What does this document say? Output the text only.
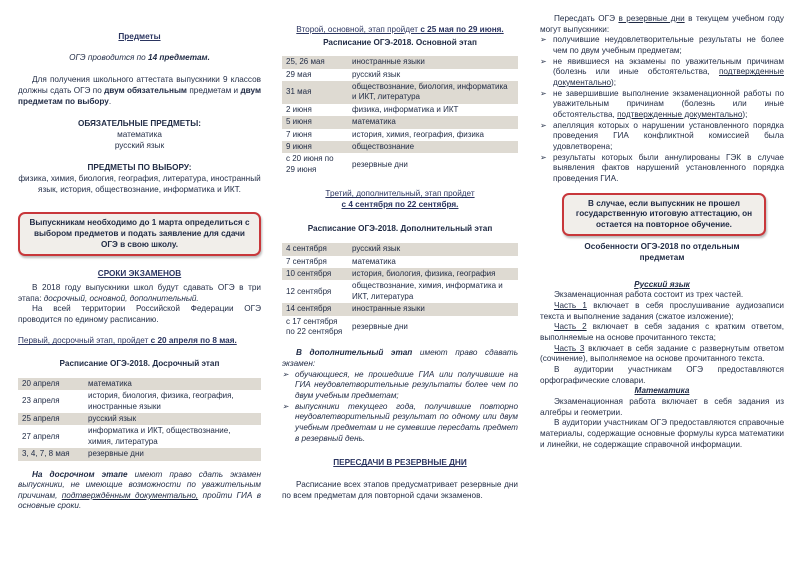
Предметы

ОГЭ проводится по 14 предметам.

Для получения школьного аттестата выпускники 9 классов должны сдать ОГЭ по двум обязательным предметам и двум предметам по выбору.

ОБЯЗАТЕЛЬНЫЕ ПРЕДМЕТЫ:

математика

русский язык

ПРЕДМЕТЫ ПО ВЫБОРУ:

физика, химия, биология, география, литература, иностранный язык, история, обществознание, информатика и ИКТ.

Выпускникам необходимо до 1 марта определиться с выбором предметов и подать заявление для сдачи ОГЭ в свою школу.

СРОКИ ЭКЗАМЕНОВ

В 2018 году выпускники школ будут сдавать ОГЭ в три этапа: досрочный, основной, дополнительный.

На всей территории Российской Федерации ОГЭ проводится по единому расписанию.

Первый, досрочный этап, пройдет с 20 апреля по 8 мая.

Расписание ОГЭ-2018. Досрочный этап

20 апреля	математика
23 апреля	история, биология, физика, география, иностранные языки
25 апреля	русский язык
27 апреля	информатика и ИКТ, обществознание, химия, литература
3, 4, 7, 8 мая	резервные дни

На досрочном этапе имеют право сдать экзамен выпускники, не имеющие возможности по уважительным причинам, подтверждённым документально, пройти ГИА в основные сроки.

Второй, основной, этап пройдет с 25 мая по 29 июня.

Расписание ОГЭ-2018. Основной этап

25, 26 мая	иностранные языки
29 мая	русский язык
31 мая	обществознание, биология, информатика и ИКТ, литература
2 июня	физика, информатика и ИКТ
5 июня	математика
7 июня	история, химия, география, физика
9 июня	обществознание
с 20 июня по 29 июня	резервные дни

Третий, дополнительный, этап пройдет
с 4 сентября по 22 сентября.

Расписание ОГЭ-2018. Дополнительный этап

4 сентября	русский язык
7 сентября	математика
10 сентября	история, биология, физика, география
12 сентября	обществознание, химия, информатика и ИКТ, литература
14 сентября	иностранные языки
с 17 сентября по 22 сентября	резервные дни

В дополнительный этап имеют право сдавать экзамен:

➢ обучающиеся, не прошедшие ГИА или получившие на ГИА неудовлетворительные результаты более чем по двум учебным предметам;
➢ выпускники текущего года, получившие повторно неудовлетворительный результат по одному или двум учебным предметам и не сумевшие пересдать предмет в резервный день.

ПЕРЕСДАЧИ В РЕЗЕРВНЫЕ ДНИ

Расписание всех этапов предусматривает резервные дни по всем предметам для повторной сдачи экзаменов.

Пересдать ОГЭ в резервные дни в текущем учебном году могут выпускники:

➢ получившие неудовлетворительные результаты не более чем по двум учебным предметам;
➢ не явившиеся на экзамены по уважительным причинам (болезнь или иные обстоятельства, подтвержденные документально);
➢ не завершившие выполнение экзаменационной работы по уважительным причинам (болезнь или иные обстоятельства, подтвержденные документально);
➢ апелляция которых о нарушении установленного порядка проведения ГИА конфликтной комиссией была удовлетворена;
➢ результаты которых были аннулированы ГЭК в случае выявления фактов нарушений установленного порядка проведения ГИА.
В случае, если выпускник не прошел государственную итоговую аттестацию, он остается на повторное обучение.

Особенности ОГЭ-2018 по отдельным предметам

Русский язык

Экзаменационная работа состоит из трех частей.

Часть 1 включает в себя прослушивание аудиозаписи текста и выполнение задания (сжатое изложение);

Часть 2 включает в себя задания с кратким ответом, выполняемые на основе прочитанного текста;

Часть 3 включает в себя задание с развернутым ответом (сочинение), выполняемое на основе прочитанного текста.

В аудитории участникам ОГЭ предоставляются орфографические словари.

Математика

Экзаменационная работа включает в себя задания из алгебры и геометрии.

В аудитории участникам ОГЭ предоставляются справочные материалы, содержащие основные формулы курса математики и линейки, не содержащие справочной информации.
